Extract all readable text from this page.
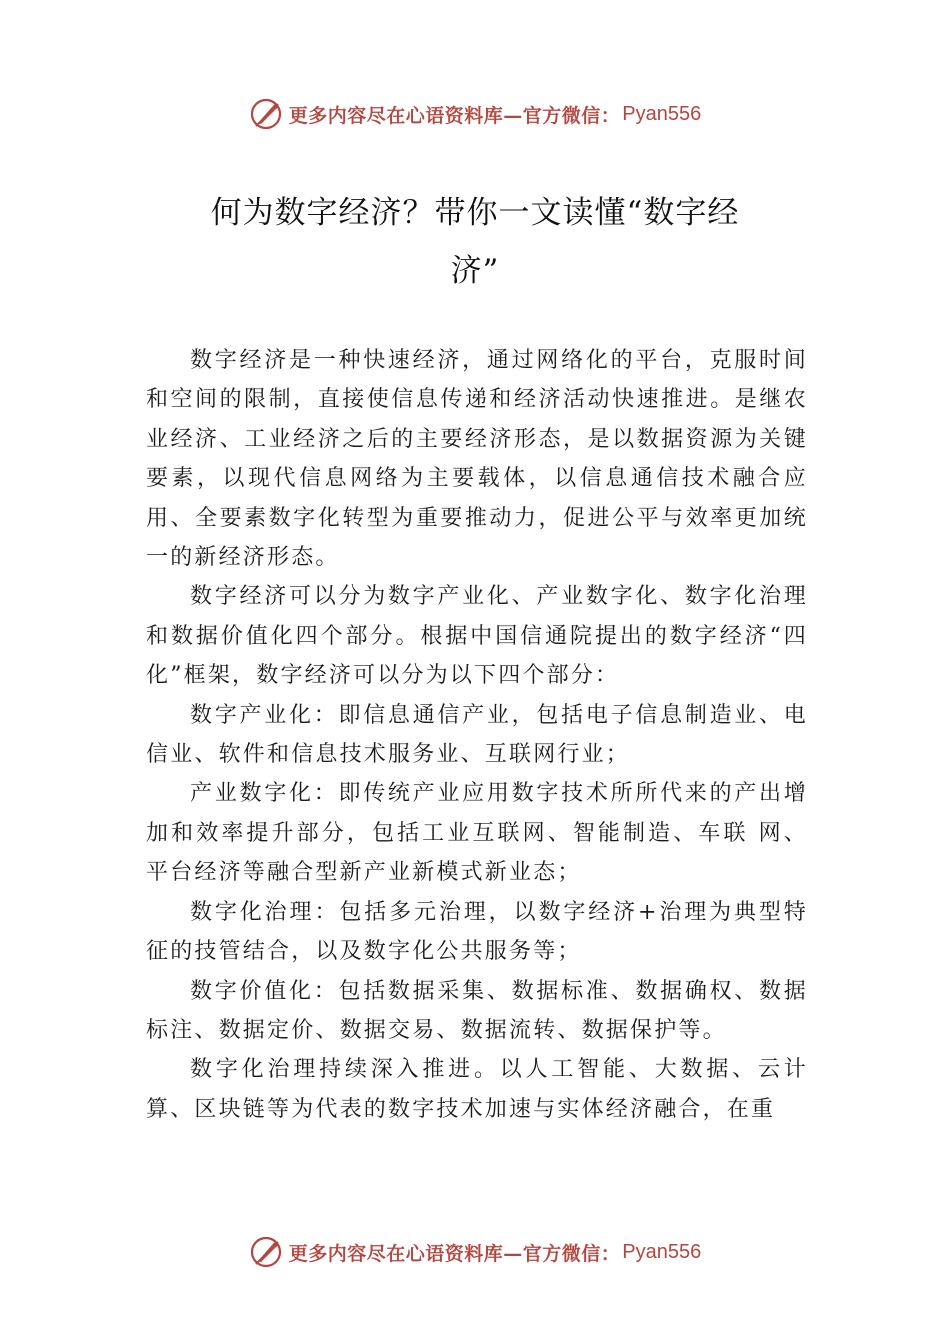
更多内容尽在心语资料库—官方微信： Pyan556
何为数字经济？带你一文读懂“数字经
济”

数字经济是一种快速经济，通过网络化的平台，克服时间和空间的限制，直接使信息传递和经济活动快速推进。是继农业经济、工业经济之后的主要经济形态，是以数据资源为关键要素，以现代信息网络为主要载体，以信息通信技术融合应用、全要素数字化转型为重要推动力，促进公平与效率更加统一的新经济形态。

数字经济可以分为数字产业化、产业数字化、数字化治理和数据价值化四个部分。根据中国信通院提出的数字经济“四化”框架，数字经济可以分为以下四个部分：

数字产业化：即信息通信产业，包括电子信息制造业、电信业、软件和信息技术服务业、互联网行业；

产业数字化：即传统产业应用数字技术所所代来的产出增加和效率提升部分，包括工业互联网、智能制造、车联 网、平台经济等融合型新产业新模式新业态；

数字化治理：包括多元治理，以数字经济+治理为典型特征的技管结合，以及数字化公共服务等；

数字价值化：包括数据采集、数据标准、数据确权、数据标注、数据定价、数据交易、数据流转、数据保护等。

数字化治理持续深入推进。以人工智能、大数据、云计算、区块链等为代表的数字技术加速与实体经济融合，在重

更多内容尽在心语资料库—官方微信： Pyan556
